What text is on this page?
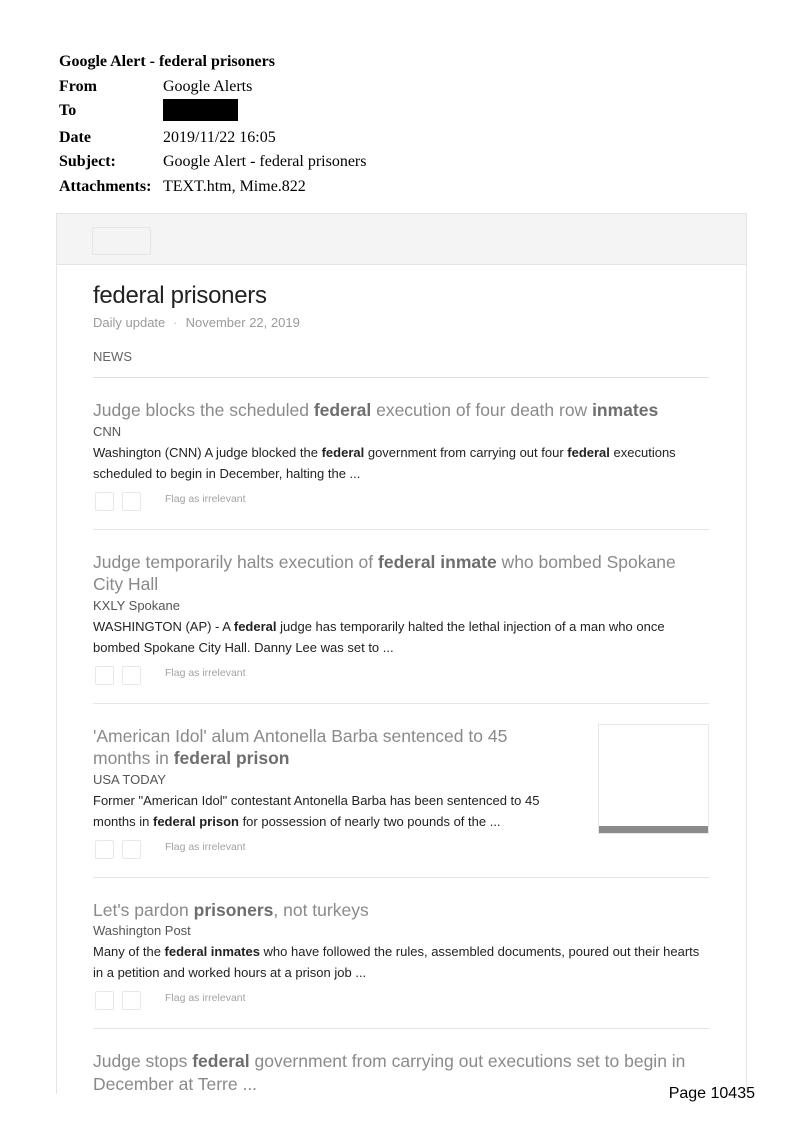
Google Alert - federal prisoners
From	Google Alerts
To	
Date	2019/11/22 16:05
Subject:	Google Alert - federal prisoners
Attachments:	TEXT.htm, Mime.822
federal prisoners
Daily update · November 22, 2019
NEWS
Judge blocks the scheduled federal execution of four death row inmates
CNN
Washington (CNN) A judge blocked the federal government from carrying out four federal executions scheduled to begin in December, halting the ...
Flag as irrelevant
Judge temporarily halts execution of federal inmate who bombed Spokane City Hall
KXLY Spokane
WASHINGTON (AP) - A federal judge has temporarily halted the lethal injection of a man who once bombed Spokane City Hall. Danny Lee was set to ...
Flag as irrelevant
'American Idol' alum Antonella Barba sentenced to 45 months in federal prison
USA TODAY
Former "American Idol" contestant Antonella Barba has been sentenced to 45 months in federal prison for possession of nearly two pounds of the ...
Flag as irrelevant
Let's pardon prisoners, not turkeys
Washington Post
Many of the federal inmates who have followed the rules, assembled documents, poured out their hearts in a petition and worked hours at a prison job ...
Flag as irrelevant
Judge stops federal government from carrying out executions set to begin in December at Terre ...	Page 10435
